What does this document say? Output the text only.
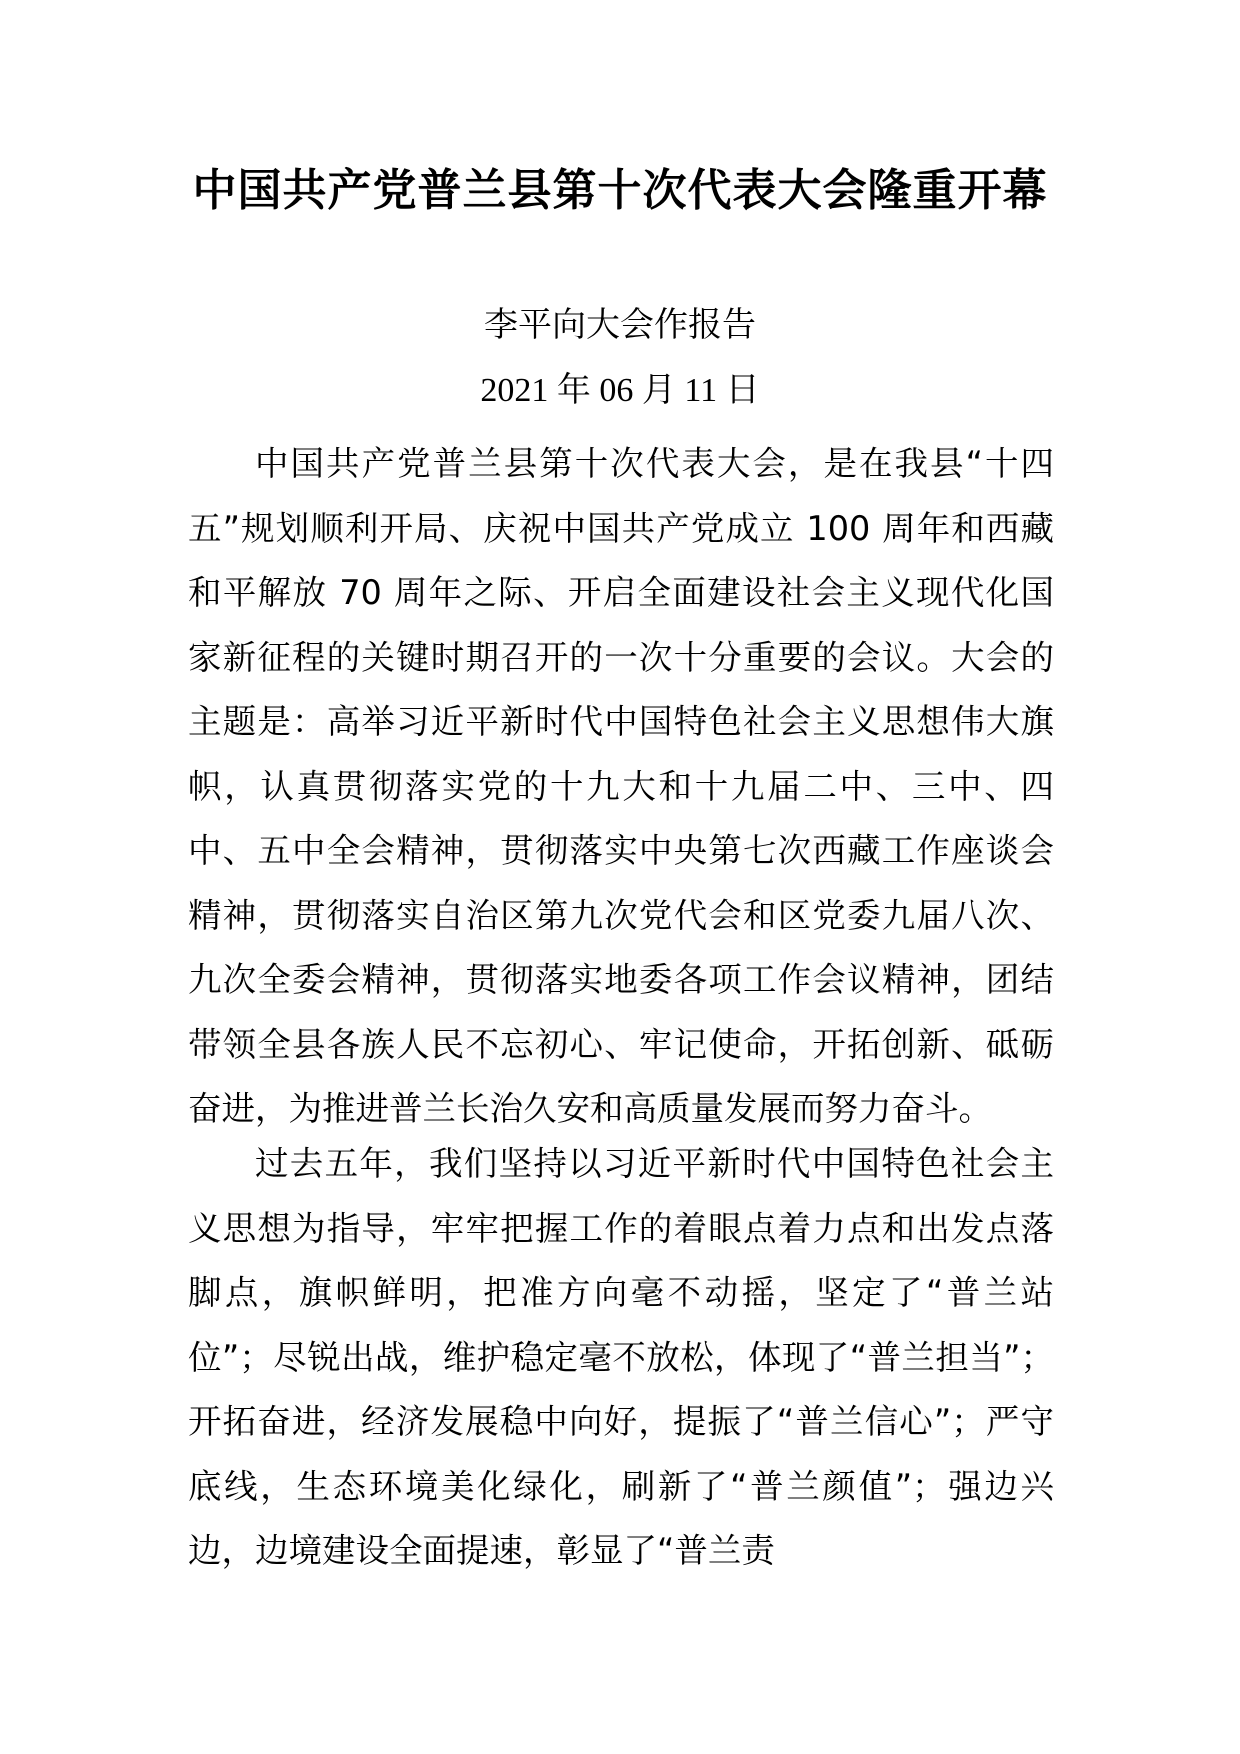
中国共产党普兰县第十次代表大会隆重开幕

李平向大会作报告

2021 年 06 月 11 日

中国共产党普兰县第十次代表大会，是在我县“十四五”规划顺利开局、庆祝中国共产党成立 100 周年和西藏和平解放 70 周年之际、开启全面建设社会主义现代化国家新征程的关键时期召开的一次十分重要的会议。大会的主题是：高举习近平新时代中国特色社会主义思想伟大旗帜，认真贯彻落实党的十九大和十九届二中、三中、四中、五中全会精神，贯彻落实中央第七次西藏工作座谈会精神，贯彻落实自治区第九次党代会和区党委九届八次、九次全委会精神，贯彻落实地委各项工作会议精神，团结带领全县各族人民不忘初心、牢记使命，开拓创新、砥砺奋进，为推进普兰长治久安和高质量发展而努力奋斗。

过去五年，我们坚持以习近平新时代中国特色社会主义思想为指导，牢牢把握工作的着眼点着力点和出发点落脚点，旗帜鲜明，把准方向毫不动摇，坚定了“普兰站位”；尽锐出战，维护稳定毫不放松，体现了“普兰担当”；开拓奋进，经济发展稳中向好，提振了“普兰信心”；严守底线，生态环境美化绿化，刷新了“普兰颜值”；强边兴边，边境建设全面提速，彰显了“普兰责
